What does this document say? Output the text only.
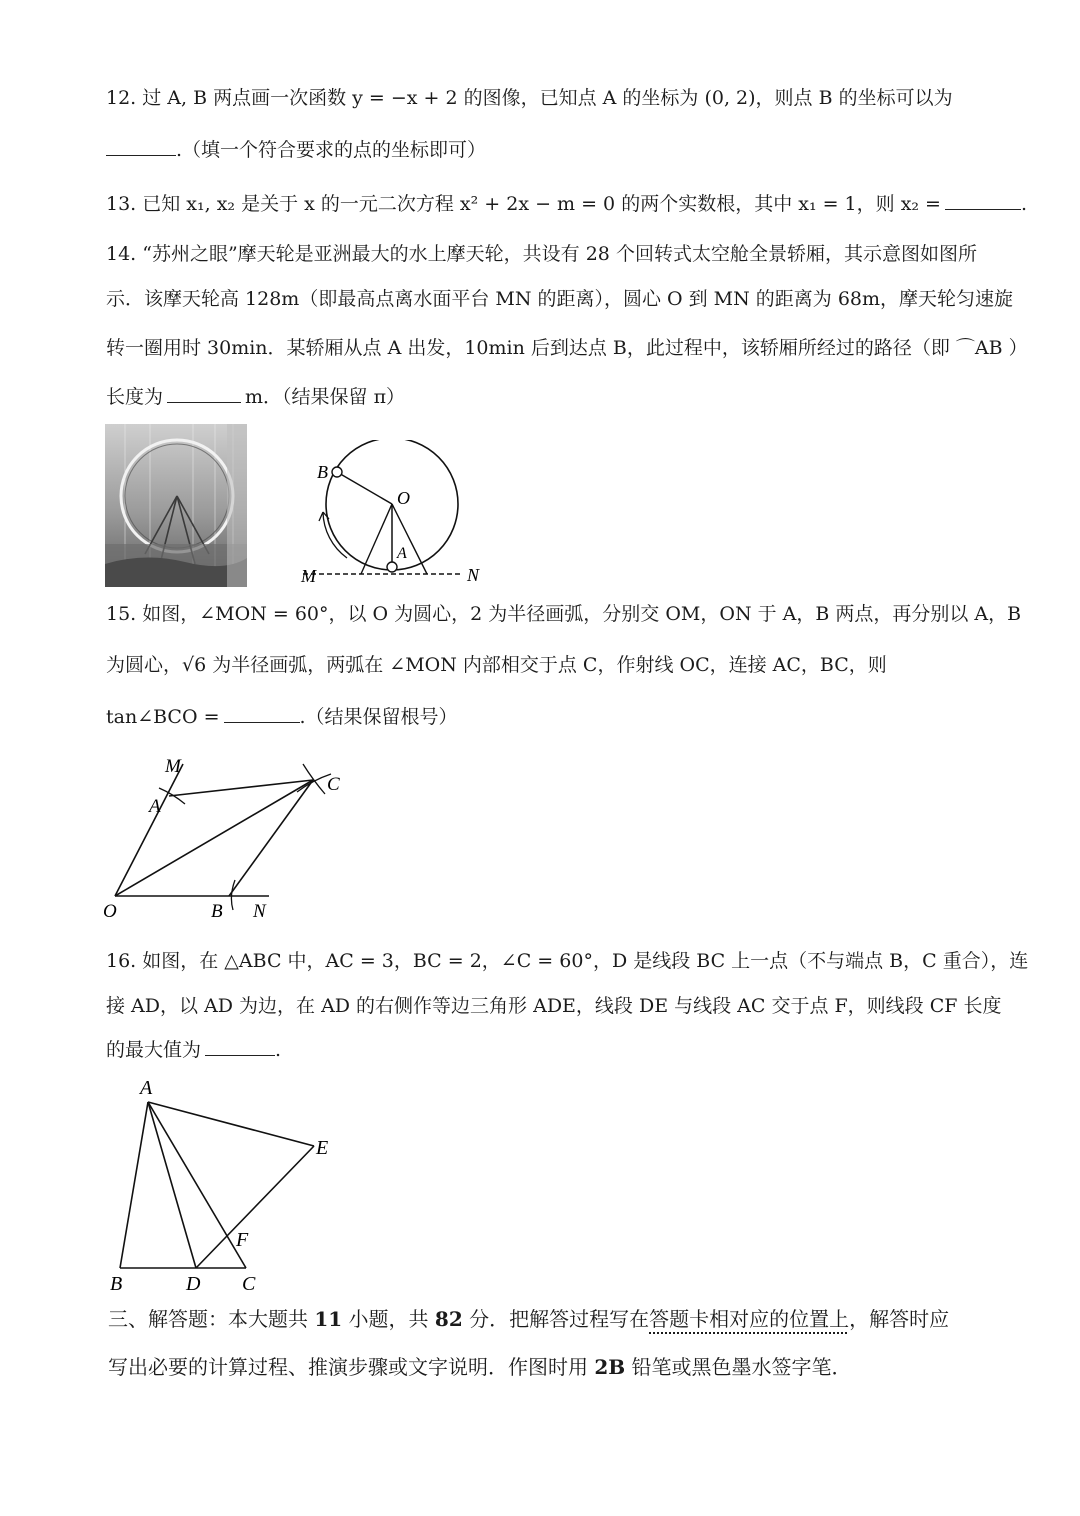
12. 过 A, B 两点画一次函数 y = −x + 2 的图像，已知点 A 的坐标为 (0, 2)，则点 B 的坐标可以为
.（填一个符合要求的点的坐标即可）
13. 已知 x₁, x₂ 是关于 x 的一元二次方程 x² + 2x − m = 0 的两个实数根，其中 x₁ = 1，则 x₂ =	.
14. “苏州之眼”摩天轮是亚洲最大的水上摩天轮，共设有 28 个回转式太空舱全景轿厢，其示意图如图所
示．该摩天轮高 128m（即最高点离水面平台 MN 的距离），圆心 O 到 MN 的距离为 68m，摩天轮匀速旋
转一圈用时 30min．某轿厢从点 A 出发，10min 后到达点 B，此过程中，该轿厢所经过的路径（即 ⌒AB ）
长度为	m．（结果保留 π）
B
O
A
M	N
15. 如图，∠MON = 60°，以 O 为圆心，2 为半径画弧，分别交 OM，ON 于 A，B 两点，再分别以 A，B
为圆心，√6 为半径画弧，两弧在 ∠MON 内部相交于点 C，作射线 OC，连接 AC，BC，则
tan∠BCO =	.（结果保留根号）
M
A
C
O	B N
16. 如图，在 △ABC 中，AC = 3，BC = 2，∠C = 60°，D 是线段 BC 上一点（不与端点 B，C 重合），连
接 AD，以 AD 为边，在 AD 的右侧作等边三角形 ADE，线段 DE 与线段 AC 交于点 F，则线段 CF 长度
的最大值为	.
A
E
F
B	D C
三、解答题：本大题共 11 小题，共 82 分．把解答过程写在答题卡相对应的位置上，解答时应
写出必要的计算过程、推演步骤或文字说明．作图时用 2B 铅笔或黑色墨水签字笔．
